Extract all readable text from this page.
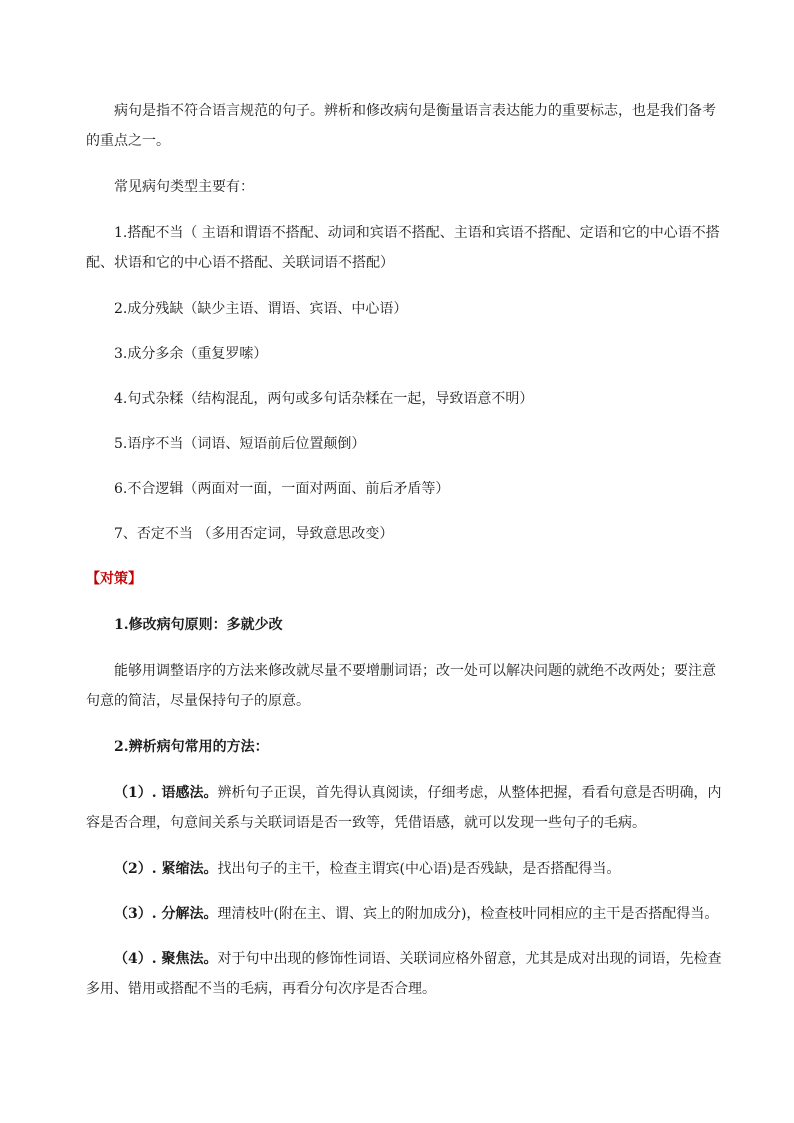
病句是指不符合语言规范的句子。辨析和修改病句是衡量语言表达能力的重要标志，也是我们备考的重点之一。

常见病句类型主要有：

1.搭配不当（ 主语和谓语不搭配、动词和宾语不搭配、主语和宾语不搭配、定语和它的中心语不搭配、状语和它的中心语不搭配、关联词语不搭配）

2.成分残缺（缺少主语、谓语、宾语、中心语）

3.成分多余（重复罗嗦）

4.句式杂糅（结构混乱，两句或多句话杂糅在一起，导致语意不明）

5.语序不当（词语、短语前后位置颠倒）

6.不合逻辑（两面对一面，一面对两面、前后矛盾等）

7、否定不当 （多用否定词，导致意思改变）

【对策】

1.修改病句原则：多就少改

能够用调整语序的方法来修改就尽量不要增删词语；改一处可以解决问题的就绝不改两处；要注意句意的简洁，尽量保持句子的原意。

2.辨析病句常用的方法：

（1）. 语感法。辨析句子正误，首先得认真阅读，仔细考虑，从整体把握，看看句意是否明确，内容是否合理，句意间关系与关联词语是否一致等，凭借语感，就可以发现一些句子的毛病。

（2）. 紧缩法。找出句子的主干，检查主谓宾(中心语)是否残缺，是否搭配得当。

（3）. 分解法。理清枝叶(附在主、谓、宾上的附加成分)，检查枝叶同相应的主干是否搭配得当。

（4）. 聚焦法。对于句中出现的修饰性词语、关联词应格外留意，尤其是成对出现的词语，先检查多用、错用或搭配不当的毛病，再看分句次序是否合理。
